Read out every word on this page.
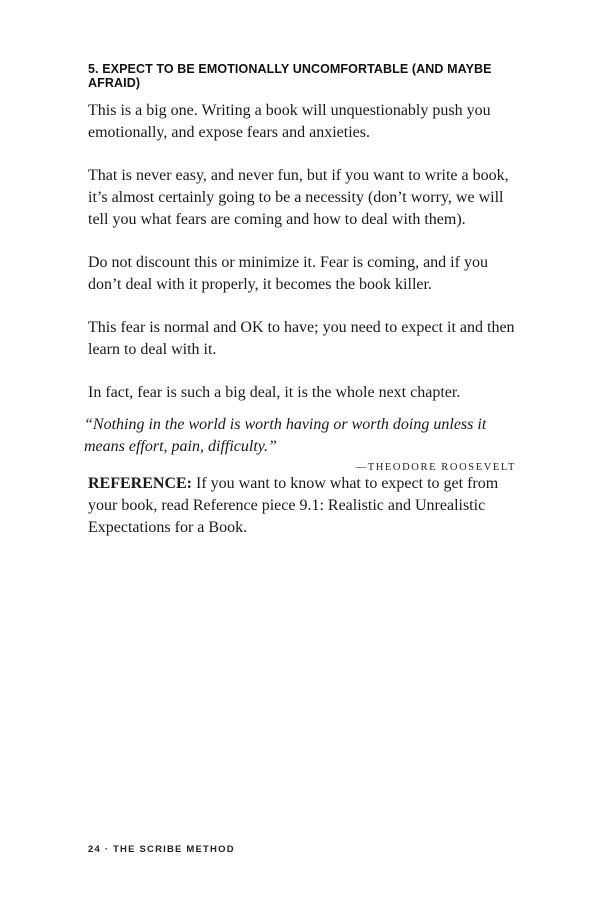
5. EXPECT TO BE EMOTIONALLY UNCOMFORTABLE (AND MAYBE AFRAID)

This is a big one. Writing a book will unquestionably push you emotionally, and expose fears and anxieties.

That is never easy, and never fun, but if you want to write a book, it’s almost certainly going to be a necessity (don’t worry, we will tell you what fears are coming and how to deal with them).

Do not discount this or minimize it. Fear is coming, and if you don’t deal with it properly, it becomes the book killer.

This fear is normal and OK to have; you need to expect it and then learn to deal with it.

In fact, fear is such a big deal, it is the whole next chapter.

“Nothing in the world is worth having or worth doing unless it means effort, pain, difficulty.”
—THEODORE ROOSEVELT

REFERENCE: If you want to know what to expect to get from your book, read Reference piece 9.1: Realistic and Unrealistic Expectations for a Book.

24 · THE SCRIBE METHOD
